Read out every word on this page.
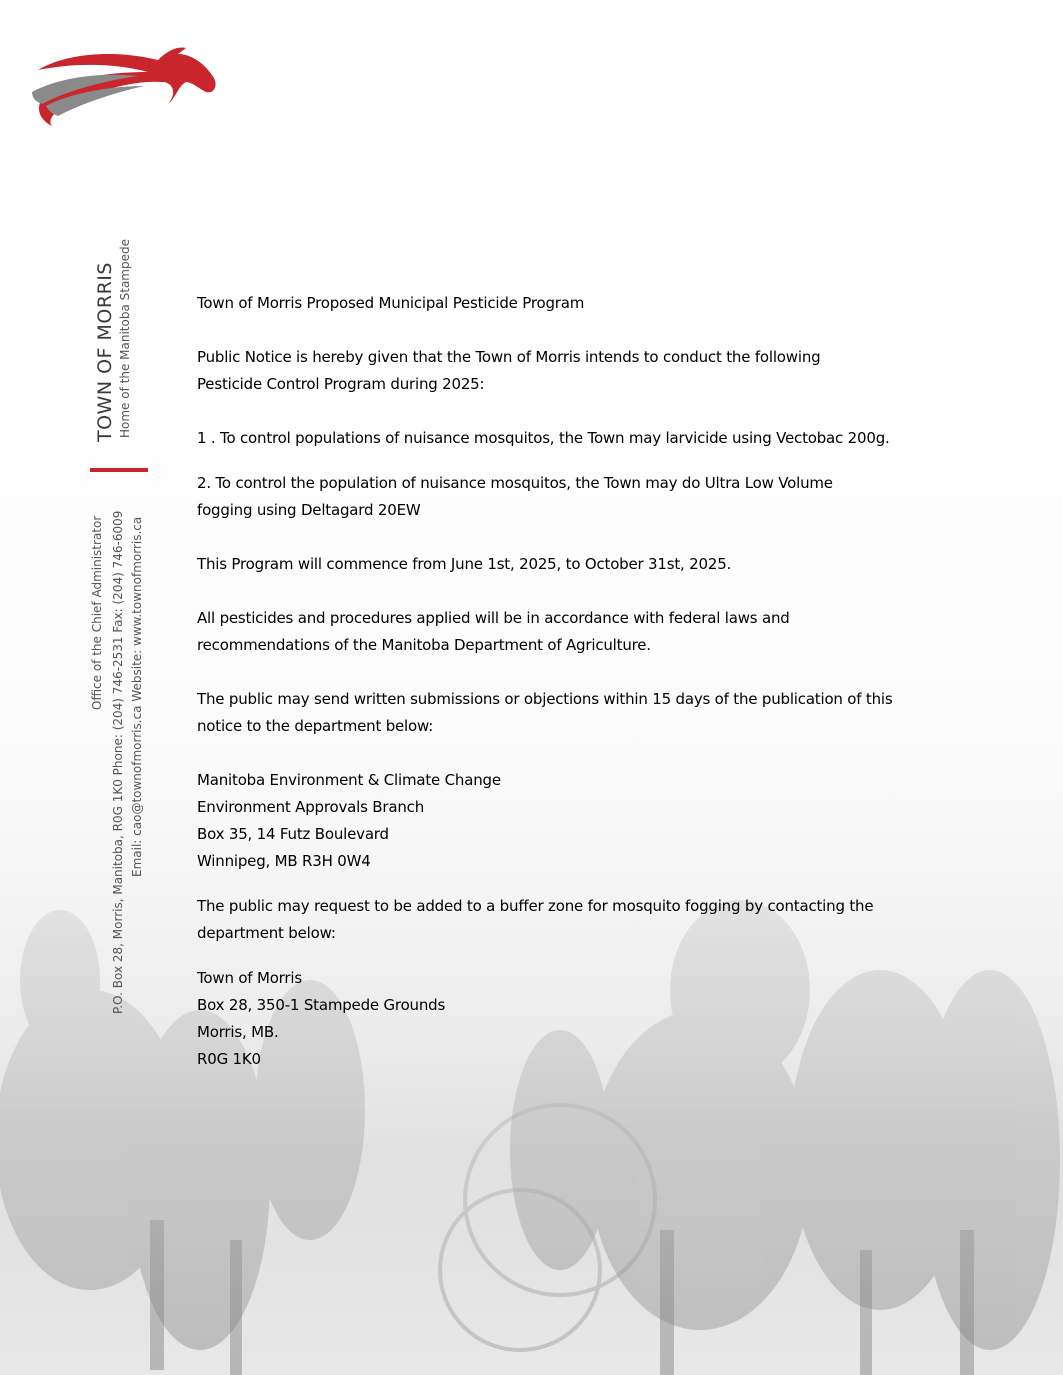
TOWN OF MORRIS Home of the Manitoba Stampede
Office of the Chief Administrator P.O. Box 28, Morris, Manitoba, R0G 1K0 Phone: (204) 746-2531 Fax: (204) 746-6009 Email: cao@townofmorris.ca Website: www.townofmorris.ca

Town of Morris Proposed Municipal Pesticide Program

Public Notice is hereby given that the Town of Morris intends to conduct the following

Pesticide Control Program during 2025:

1 . To control populations of nuisance mosquitos, the Town may larvicide using Vectobac 200g.

2. To control the population of nuisance mosquitos, the Town may do Ultra Low Volume

fogging using Deltagard 20EW

This Program will commence from June 1st, 2025, to October 31st, 2025.

All pesticides and procedures applied will be in accordance with federal laws and

recommendations of the Manitoba Department of Agriculture.

The public may send written submissions or objections within 15 days of the publication of this

notice to the department below:

Manitoba Environment & Climate Change

Environment Approvals Branch

Box 35, 14 Futz Boulevard

Winnipeg, MB R3H 0W4

The public may request to be added to a buffer zone for mosquito fogging by contacting the

department below:

Town of Morris

Box 28, 350-1 Stampede Grounds

Morris, MB.

R0G 1K0
